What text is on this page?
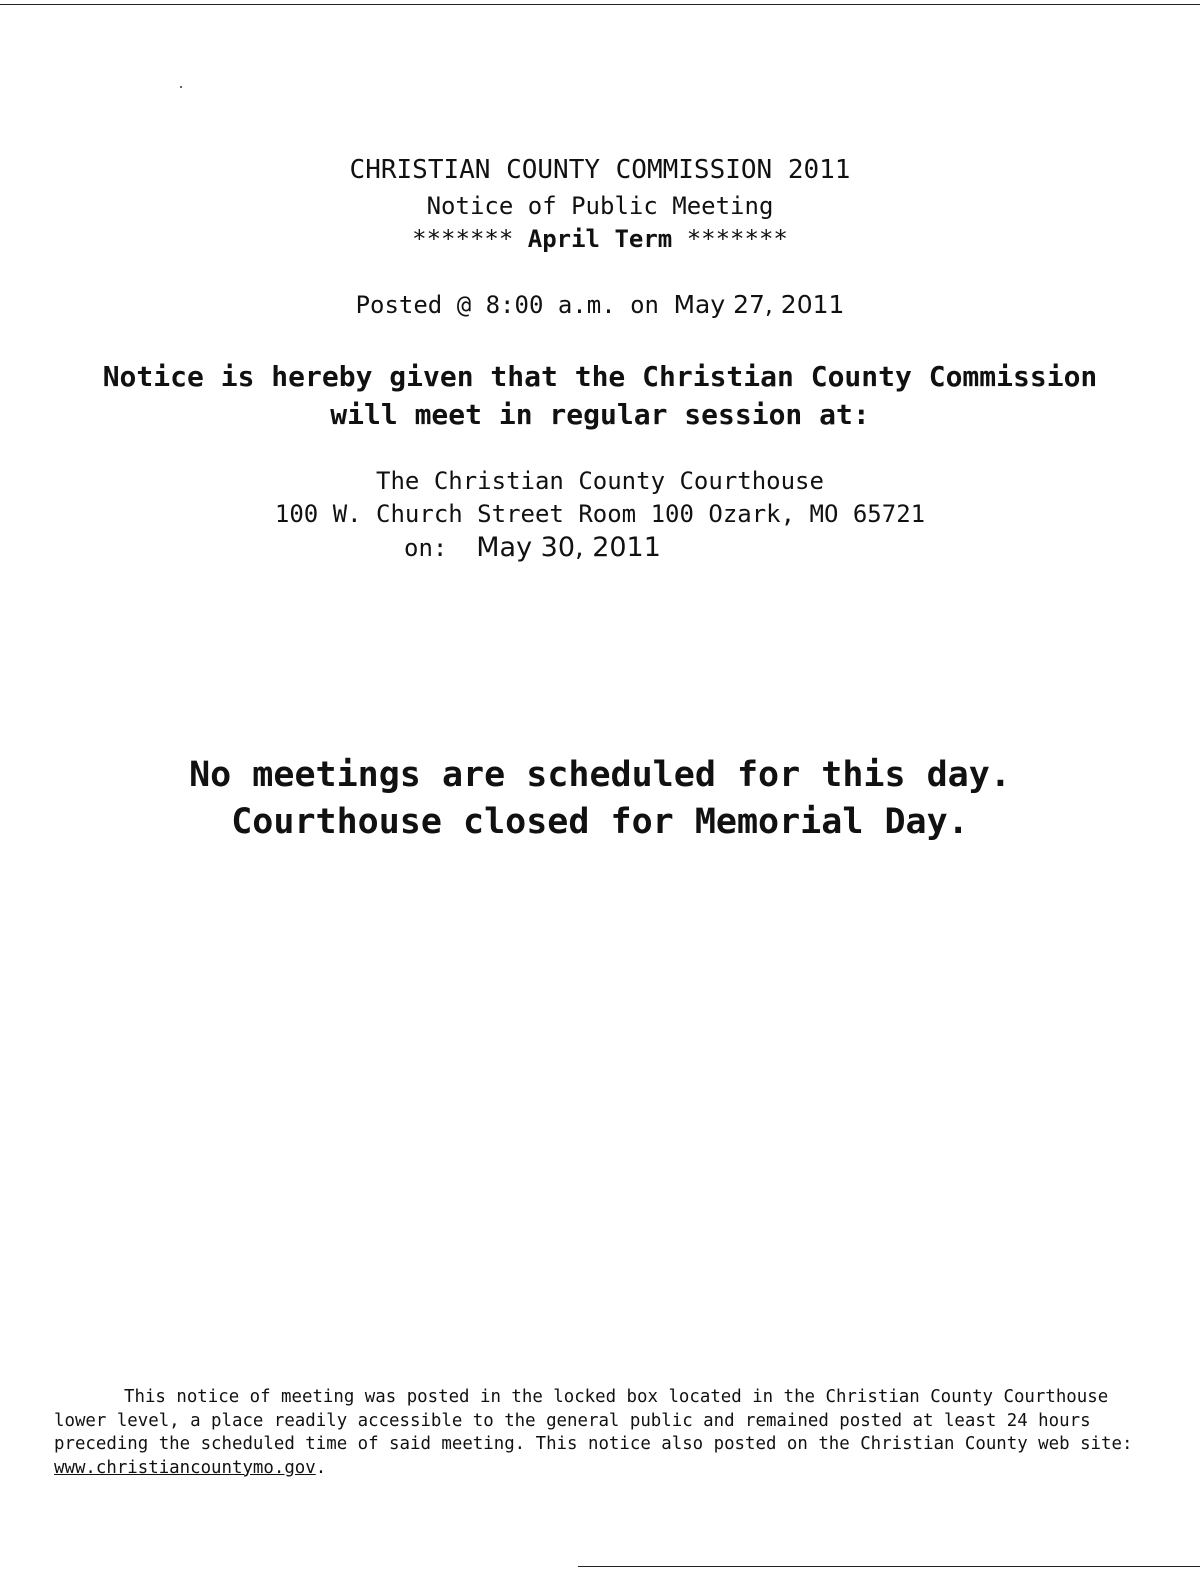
CHRISTIAN COUNTY COMMISSION 2011
Notice of Public Meeting
******* April Term *******
Posted @ 8:00 a.m. on May 27, 2011
Notice is hereby given that the Christian County Commission
will meet in regular session at:
The Christian County Courthouse
100 W. Church Street Room 100 Ozark, MO 65721
on: May 30, 2011
No meetings are scheduled for this day.
Courthouse closed for Memorial Day.
This notice of meeting was posted in the locked box located in the Christian County Courthouse lower level, a place readily accessible to the general public and remained posted at least 24 hours preceding the scheduled time of said meeting. This notice also posted on the Christian County web site: www.christiancountymo.gov.
